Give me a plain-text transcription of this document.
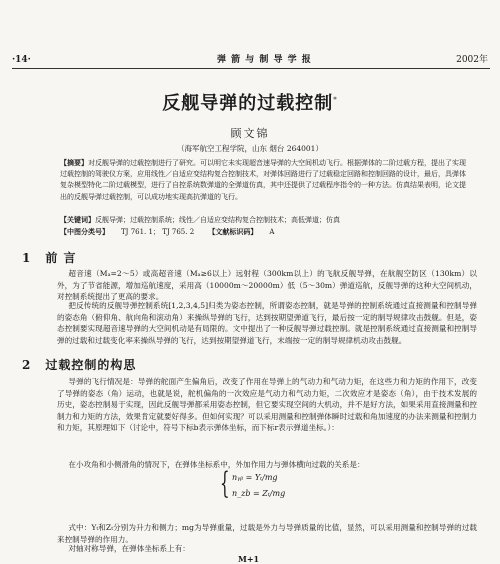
·14·	弹 箭 与 制 导 学 报	2002年
反舰导弹的过载控制*
顾文锦
（海军航空工程学院，山东 烟台 264001）
【摘要】对反舰导弹的过载控制进行了研究。可以明它未实现超音速导弹的大空间机动飞行。根据弹体的二阶过载方程，提出了实现过载控制的驾驶仪方案，应用线性／自适应变结构复合控制技术，对弹体回路进行了过载稳定回路和控制回路的设计，最后，具弹体复杂模型特化二阶过载模型，进行了自控系统数弹道的全弹道仿真，其中还提供了过载程序指令的一种方法。仿真结果表明，论文提出的反舰导弹过载控制，可以成功地实现高抗弹道的飞行。
【关键词】反舰导弹；过载控制系统；线性／自适应变结构复合控制技术；高低弹道；仿真
【中图分类号】 TJ 761. 1； TJ 765. 2 【文献标识码】 A
1 前 言
超音速（Mₐ=2～5）或高超音速（Mₐ≥6以上）远射程（300km以上）的飞航反舰导弹，在航舰空防区（130km）以外，为了节省能源，增加巡航速度，采用高（10000m～20000m）低（5～30m）弹道巡航，反舰导弹的这种大空间机动，对控制系统提出了更高的要求。
把反传统的反舰导弹控制系统[1,2,3,4,5]归类为姿态控制，所谓姿态控制，就是导弹的控制系统通过直接测量和控制导弹的姿态角（俯仰角、航向角和滚动角）来操纵导弹的飞行，达到按期望弹道飞行，最后按一定的制导规律攻击鼓舰。但是，姿态控制要实现超音速导弹的大空间机动是有局限的。文中提出了一种反舰导弹过载控制。就是控制系统通过直接测量和控制导弹的过载和过载变化率来操纵导弹的飞行，达到按期望弹道飞行，末端按一定的制导规律机动攻击鼓舰。
2 过载控制的构思
导弹的飞行情况是：导弹的舵面产生偏角后，改变了作用在导弹上的气动力和气动力矩，在这些力和力矩的作用下，改变了导弹的姿态（角）运动，也就是说，舵机偏角的一次效应是气动力和气动力矩，二次效应才是姿态（角），由于技术发展的历史，姿态控制易于实现，因此反舰导弹都采用姿态控制，但它要实现空间的大机动，并不是好方法，如果采用直接测量和控制力和力矩的方法，效果肯定就要好得多。但如何实现？可以采用测量和控制弹体瞬时过载和角加速度的办法来测量和控制力和力矩，其原理如下（讨论中，符号下标b表示弹体坐标，而下标r表示弹道坐标。）：
在小攻角和小侧滑角的情况下，在弹体坐标系中，外加作用力与弹体横向过载的关系是：
{ nᵧᵦ = Yₜ/mg
n_zb = Zₜ/mg
式中：Yₜ和Zₜ分别为升力和侧力；mg为导弹重量，过载是外力与导弹质量的比值，显然，可以采用测量和控制导弹的过载来控制导弹的作用力。
对轴对称导弹，在弹体坐标系上有：
M+1
